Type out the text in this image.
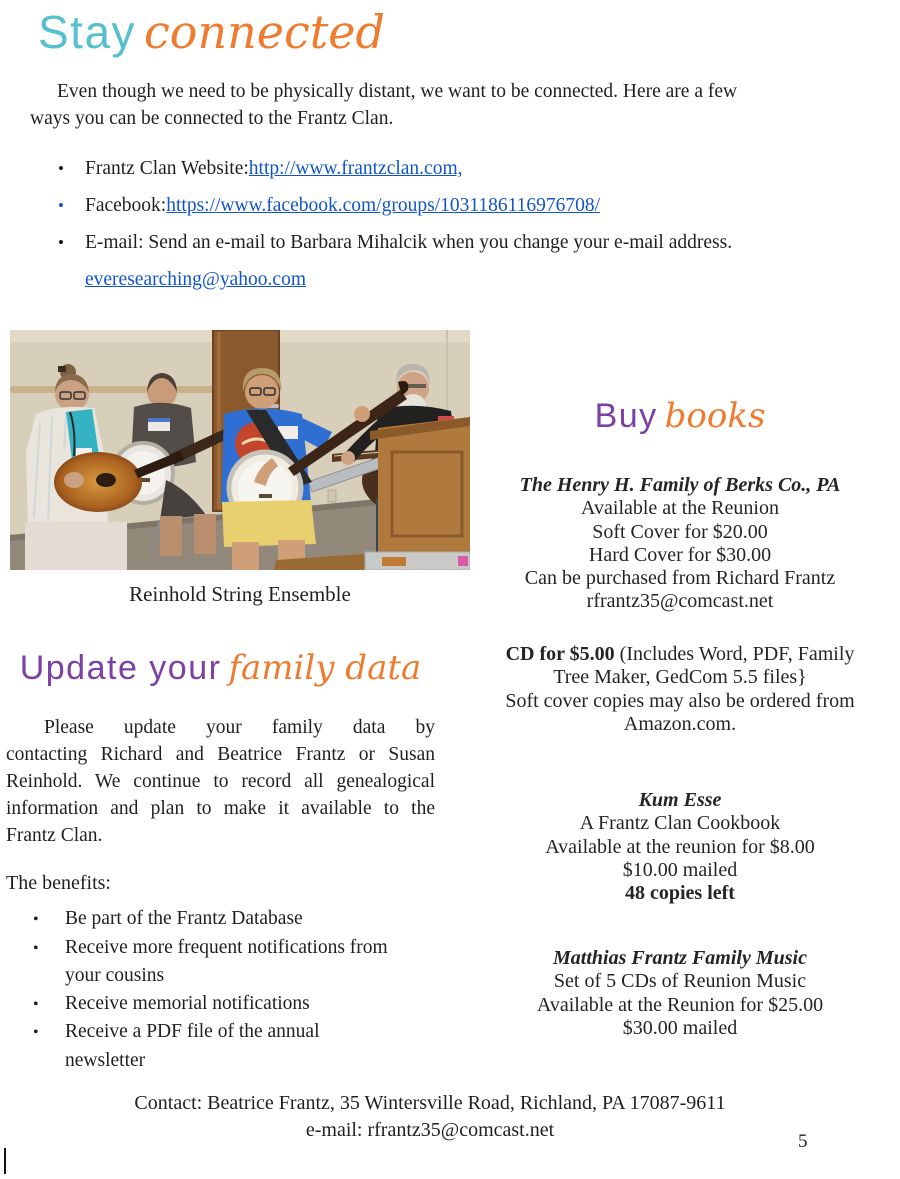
Stay connected
Even though we need to be physically distant, we want to be connected. Here are a few
ways you can be connected to the Frantz Clan.
•	Frantz Clan Website: http://www.frantzclan.com,
•	Facebook: https://www.facebook.com/groups/1031186116976708/
•	E-mail: Send an e-mail to Barbara Mihalcik when you change your e-mail address.
everesearching@yahoo.com
Reinhold String Ensemble
Update your family data
Please update your family data by
contacting Richard and Beatrice Frantz or Susan
Reinhold. We continue to record all genealogical
information and plan to make it available to the
Frantz Clan.
The benefits:
•	Be part of the Frantz Database
•	Receive more frequent notifications from
your cousins
•	Receive memorial notifications
•	Receive a PDF file of the annual
newsletter
Buy books
The Henry H. Family of Berks Co., PA
Available at the Reunion
Soft Cover for $20.00
Hard Cover for $30.00
Can be purchased from Richard Frantz
rfrantz35@comcast.net
CD for $5.00 (Includes Word, PDF, Family
Tree Maker, GedCom 5.5 files}
Soft cover copies may also be ordered from
Amazon.com.
Kum Esse
A Frantz Clan Cookbook
Available at the reunion for $8.00
$10.00 mailed
48 copies left
Matthias Frantz Family Music
Set of 5 CDs of Reunion Music
Available at the Reunion for $25.00
$30.00 mailed
Contact: Beatrice Frantz, 35 Wintersville Road, Richland, PA 17087-9611
e-mail: rfrantz35@comcast.net
5
